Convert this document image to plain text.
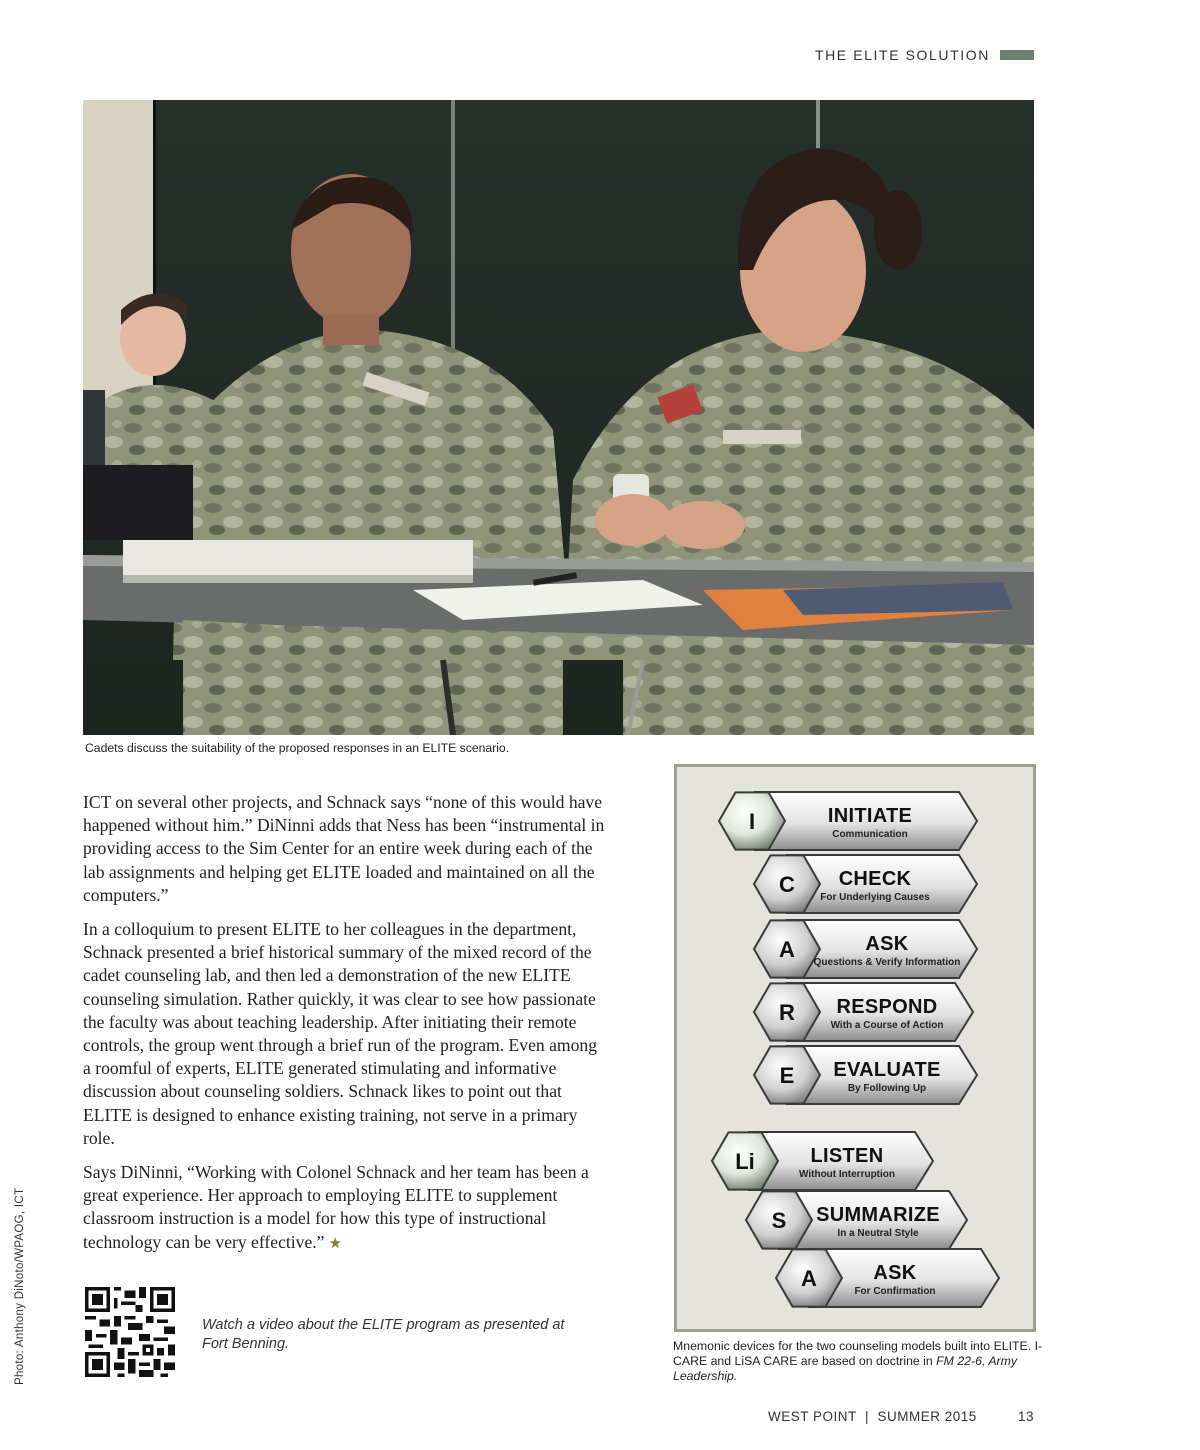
THE ELITE SOLUTION
Cadets discuss the suitability of the proposed responses in an ELITE scenario.

ICT on several other projects, and Schnack says “none of this would have happened without him.” DiNinni adds that Ness has been “instrumental in providing access to the Sim Center for an entire week during each of the lab assignments and helping get ELITE loaded and maintained on all the computers.”

In a colloquium to present ELITE to her colleagues in the department, Schnack presented a brief historical summary of the mixed record of the cadet counseling lab, and then led a demonstration of the new ELITE counseling simulation. Rather quickly, it was clear to see how passionate the faculty was about teaching leadership. After initiating their remote controls, the group went through a brief run of the program. Even among a roomful of experts, ELITE generated stimulating and informative discussion about counseling soldiers. Schnack likes to point out that ELITE is designed to enhance existing training, not serve in a primary role.

Says DiNinni, “Working with Colonel Schnack and her team has been a great experience. Her approach to employing ELITE to supplement classroom instruction is a model for how this type of instructional technology can be very effective.” ★

Watch a video about the ELITE program as presented at Fort Benning.
Photo: Anthony DiNoto/WPAOG, ICT
I	INITIATE
Communication
C CHECK
For Underlying Causes
A	ASK
Questions & Verify Information
R RESPOND
With a Course of Action
E EVALUATE
By Following Up
Li	LISTEN
Without Interruption
S SUMMARIZE
In a Neutral Style
A	ASK
For Confirmation
Mnemonic devices for the two counseling models built into ELITE. I-CARE and LiSA CARE are based on doctrine in FM 22-6, Army Leadership.
WEST POINT  |  SUMMER 2015	13
